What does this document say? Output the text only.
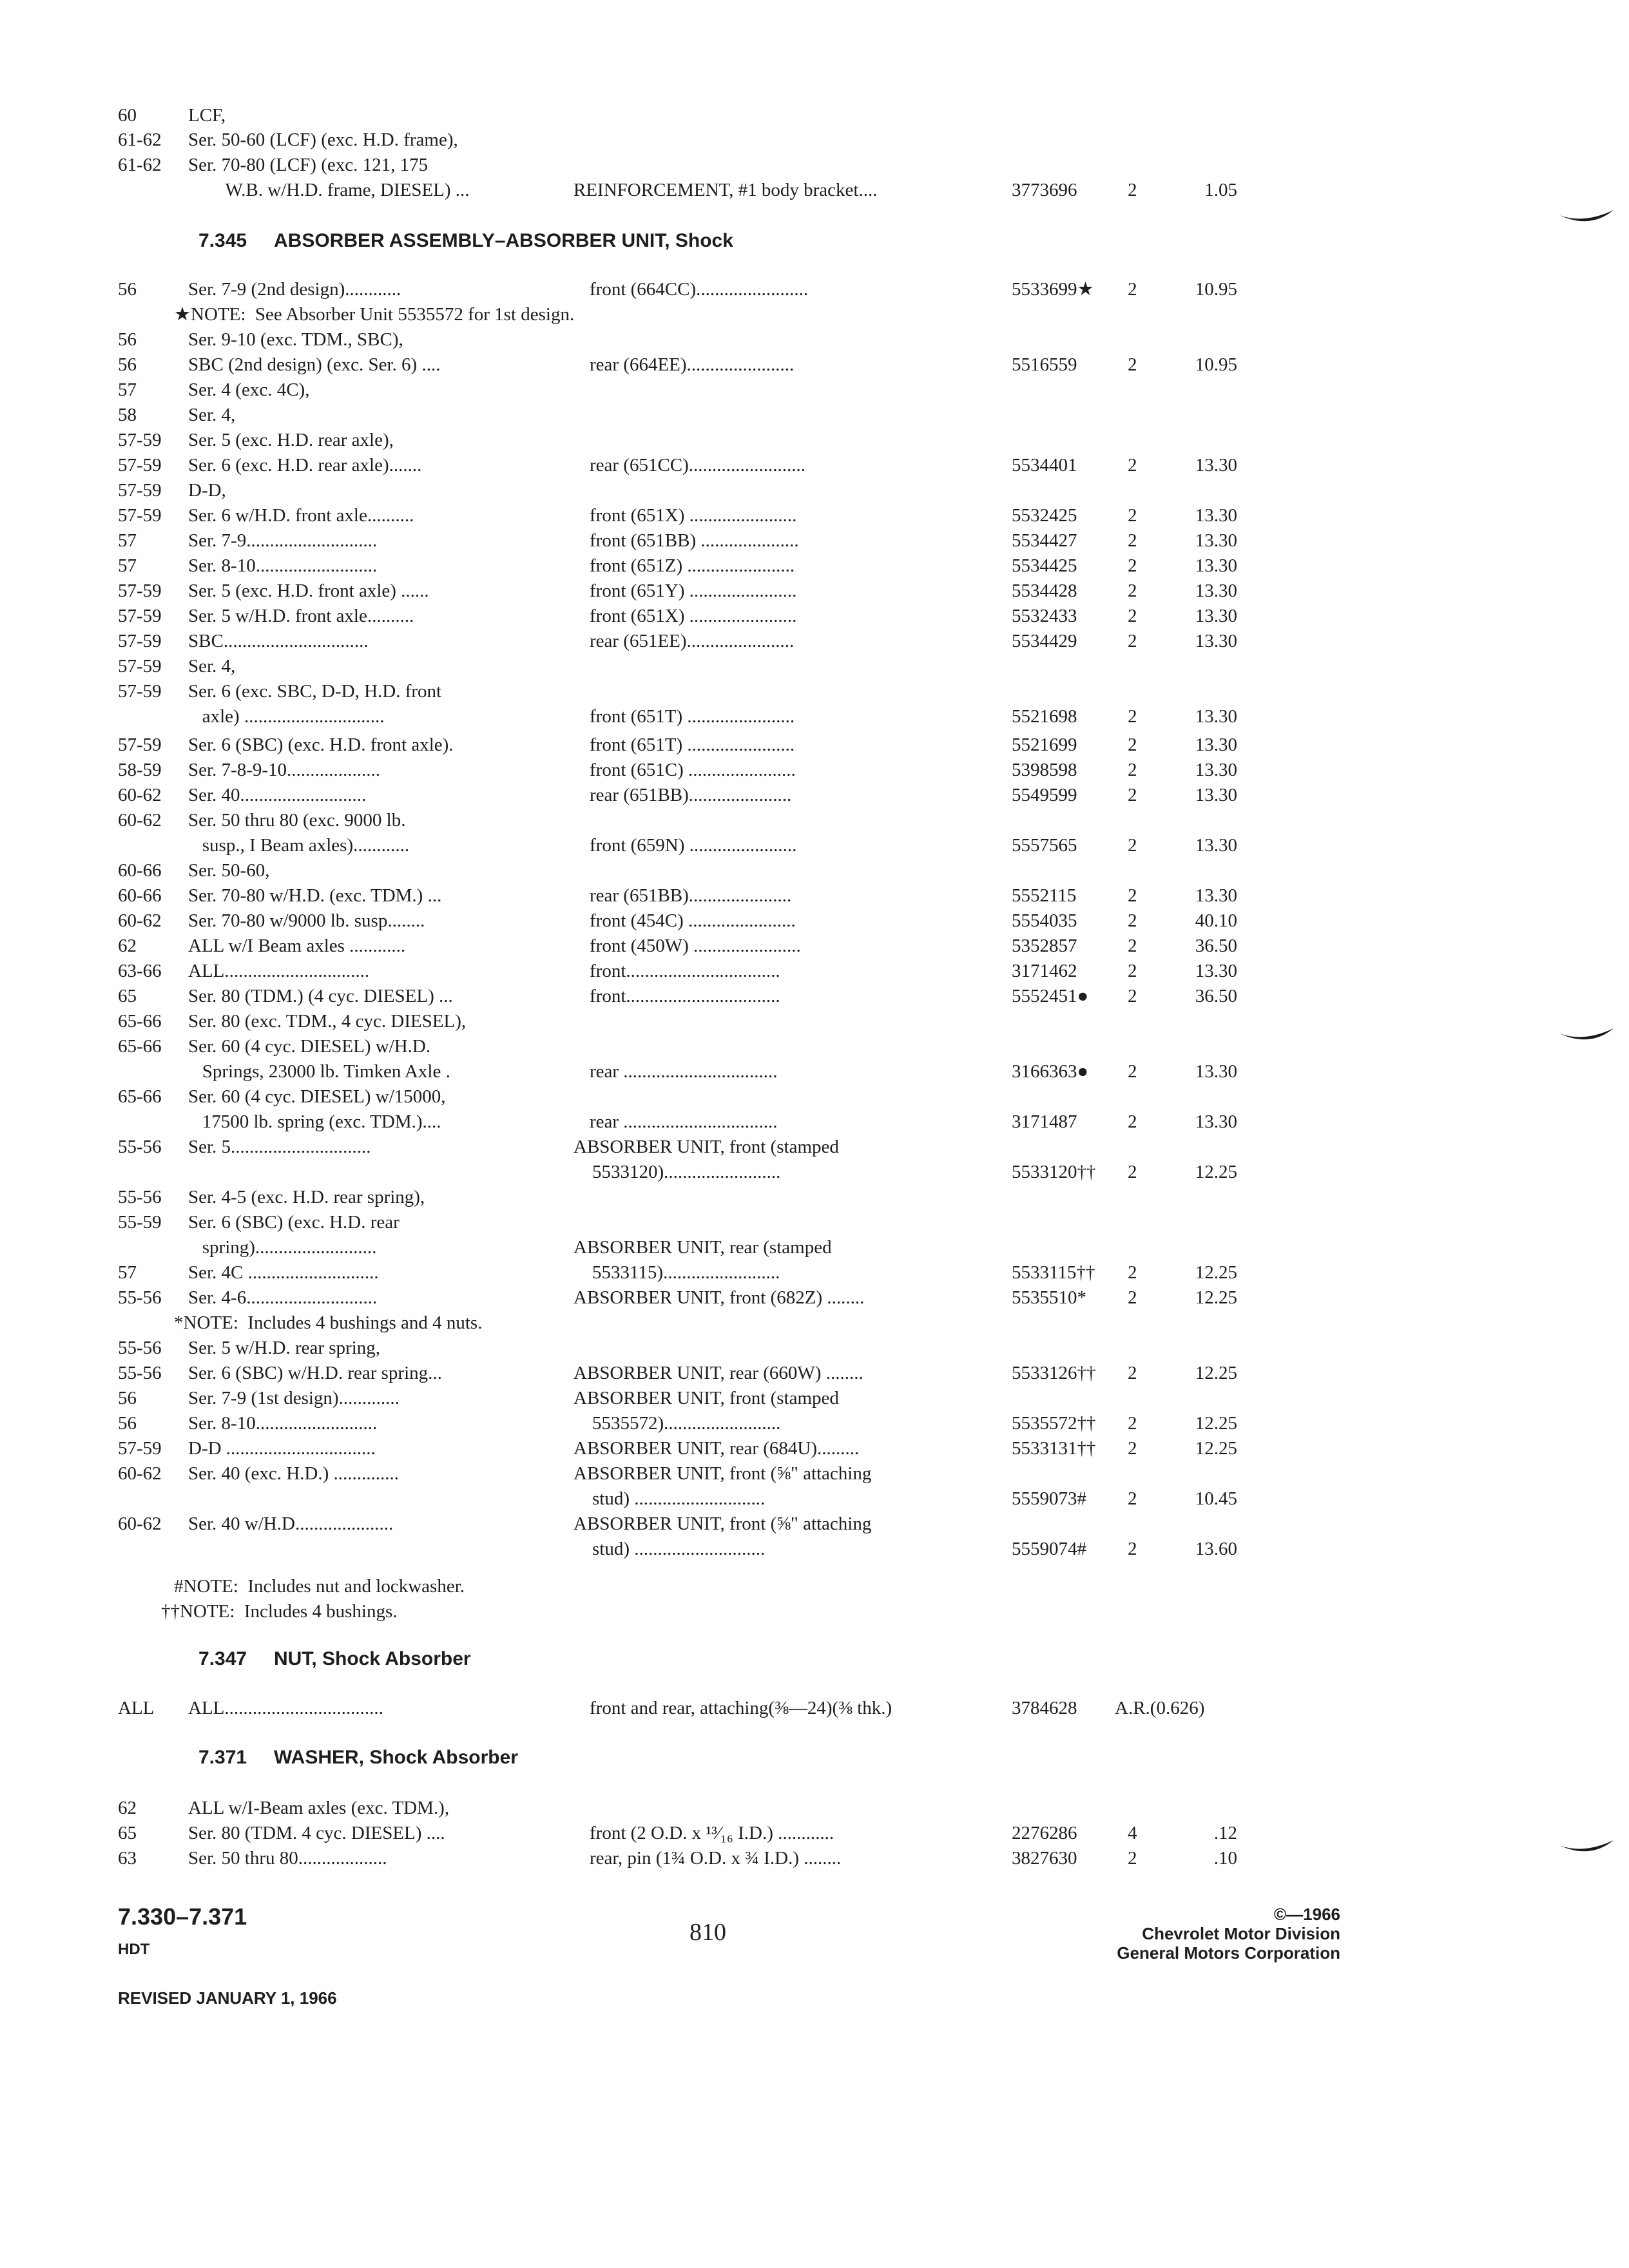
60	LCF,
61-62 Ser. 50-60 (LCF) (exc. H.D. frame),
61-62 Ser. 70-80 (LCF) (exc. 121, 175
W.B. w/H.D. frame, DIESEL) ...	REINFORCEMENT, #1 body bracket....	3773696	2	1.05
7.345 ABSORBER ASSEMBLY–ABSORBER UNIT, Shock
56	Ser. 7-9 (2nd design)............	front (664CC)........................	5533699★ 2	10.95
★NOTE:  See Absorber Unit 5535572 for 1st design.
56	Ser. 9-10 (exc. TDM., SBC),
56	SBC (2nd design) (exc. Ser. 6) ....	rear (664EE).......................	5516559	2	10.95
57	Ser. 4 (exc. 4C),
58	Ser. 4,
57-59 Ser. 5 (exc. H.D. rear axle),
57-59 Ser. 6 (exc. H.D. rear axle).......	rear (651CC).........................	5534401	2	13.30
57-59 D-D,
57-59 Ser. 6 w/H.D. front axle..........	front (651X) .......................	5532425	2	13.30
57	Ser. 7-9............................	front (651BB) .....................	5534427	2	13.30
57	Ser. 8-10..........................	front (651Z) .......................	5534425	2	13.30
57-59 Ser. 5 (exc. H.D. front axle) ......	front (651Y) .......................	5534428	2	13.30
57-59 Ser. 5 w/H.D. front axle..........	front (651X) .......................	5532433	2	13.30
57-59 SBC...............................	rear (651EE).......................	5534429	2	13.30
57-59 Ser. 4,
57-59 Ser. 6 (exc. SBC, D-D, H.D. front
axle) ..............................	front (651T) .......................	5521698	2	13.30
57-59 Ser. 6 (SBC) (exc. H.D. front axle).	front (651T) .......................	5521699	2	13.30
58-59 Ser. 7-8-9-10....................	front (651C) .......................	5398598	2	13.30
60-62 Ser. 40...........................	rear (651BB)......................	5549599	2	13.30
60-62 Ser. 50 thru 80 (exc. 9000 lb.
susp., I Beam axles)............	front (659N) .......................	5557565	2	13.30
60-66 Ser. 50-60,
60-66 Ser. 70-80 w/H.D. (exc. TDM.) ...	rear (651BB)......................	5552115	2	13.30
60-62 Ser. 70-80 w/9000 lb. susp........	front (454C) .......................	5554035	2	40.10
62	ALL w/I Beam axles ............	front (450W) .......................	5352857	2	36.50
63-66 ALL...............................	front.................................	3171462	2	13.30
65	Ser. 80 (TDM.) (4 cyc. DIESEL) ...	front.................................	5552451● 2	36.50
65-66 Ser. 80 (exc. TDM., 4 cyc. DIESEL),
65-66 Ser. 60 (4 cyc. DIESEL) w/H.D.
Springs, 23000 lb. Timken Axle .	rear .................................	3166363● 2	13.30
65-66 Ser. 60 (4 cyc. DIESEL) w/15000,
17500 lb. spring (exc. TDM.)....	rear .................................	3171487	2	13.30
55-56 Ser. 5..............................	ABSORBER UNIT, front (stamped
5533120).........................	5533120†† 2	12.25
55-56 Ser. 4-5 (exc. H.D. rear spring),
55-59 Ser. 6 (SBC) (exc. H.D. rear
spring)..........................	ABSORBER UNIT, rear (stamped
57	Ser. 4C ............................	5533115).........................	5533115†† 2	12.25
55-56 Ser. 4-6............................	ABSORBER UNIT, front (682Z) ........	5535510* 2	12.25
*NOTE:  Includes 4 bushings and 4 nuts.
55-56 Ser. 5 w/H.D. rear spring,
55-56 Ser. 6 (SBC) w/H.D. rear spring...	ABSORBER UNIT, rear (660W) ........	5533126†† 2	12.25
56	Ser. 7-9 (1st design).............	ABSORBER UNIT, front (stamped
56	Ser. 8-10..........................	5535572).........................	5535572†† 2	12.25
57-59 D-D ................................	ABSORBER UNIT, rear (684U).........	5533131†† 2	12.25
60-62 Ser. 40 (exc. H.D.) ..............	ABSORBER UNIT, front (⅝" attaching
stud) ............................	5559073# 2	10.45
60-62 Ser. 40 w/H.D.....................	ABSORBER UNIT, front (⅝" attaching
stud) ............................	5559074# 2	13.60
#NOTE:  Includes nut and lockwasher.
††NOTE:  Includes 4 bushings.
7.347 NUT, Shock Absorber
ALL ALL..................................	front and rear, attaching(⅜—24)(⅜ thk.)	3784628 A.R.(0.626)
7.371 WASHER, Shock Absorber
62	ALL w/I-Beam axles (exc. TDM.),
65	Ser. 80 (TDM. 4 cyc. DIESEL) ....	front (2 O.D. x ¹³⁄₁₆ I.D.) ............	2276286	4	.12
63	Ser. 50 thru 80...................	rear, pin (1¾ O.D. x ¾ I.D.) ........	3827630	2	.10
7.330–7.371
HDT
REVISED JANUARY 1, 1966
810
©—1966
Chevrolet Motor Division
General Motors Corporation
